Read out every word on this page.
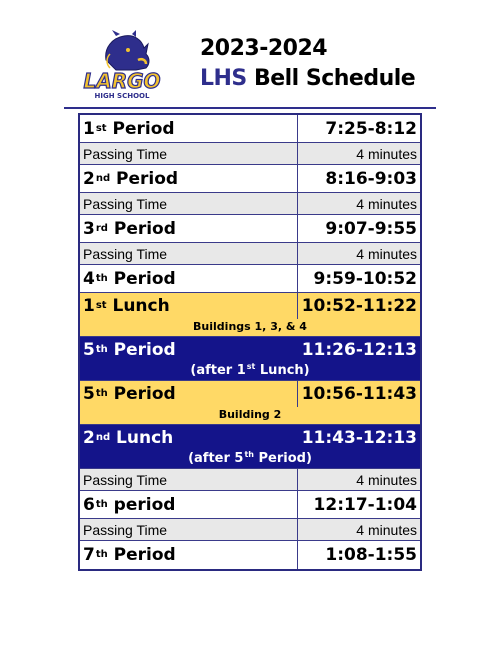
LARGO
HIGH SCHOOL
2023-2024
LHS Bell Schedule
1 st
Period	7:25-8:12
Passing Time	4 minutes
2 nd
Period	8:16-9:03
Passing Time	4 minutes
3 rd
Period	9:07-9:55
Passing Time	4 minutes
4 th
Period	9:59-10:52
1 st
Lunch	10:52-11:22
Buildings 1, 3, & 4
5 th
Period	11:26-12:13
(after 1st Lunch)
5 th
Period	10:56-11:43
Building 2
2 nd
Lunch	11:43-12:13
(after 5th Period)
Passing Time	4 minutes
6 th
period	12:17-1:04
Passing Time	4 minutes
7 th
Period	1:08-1:55
